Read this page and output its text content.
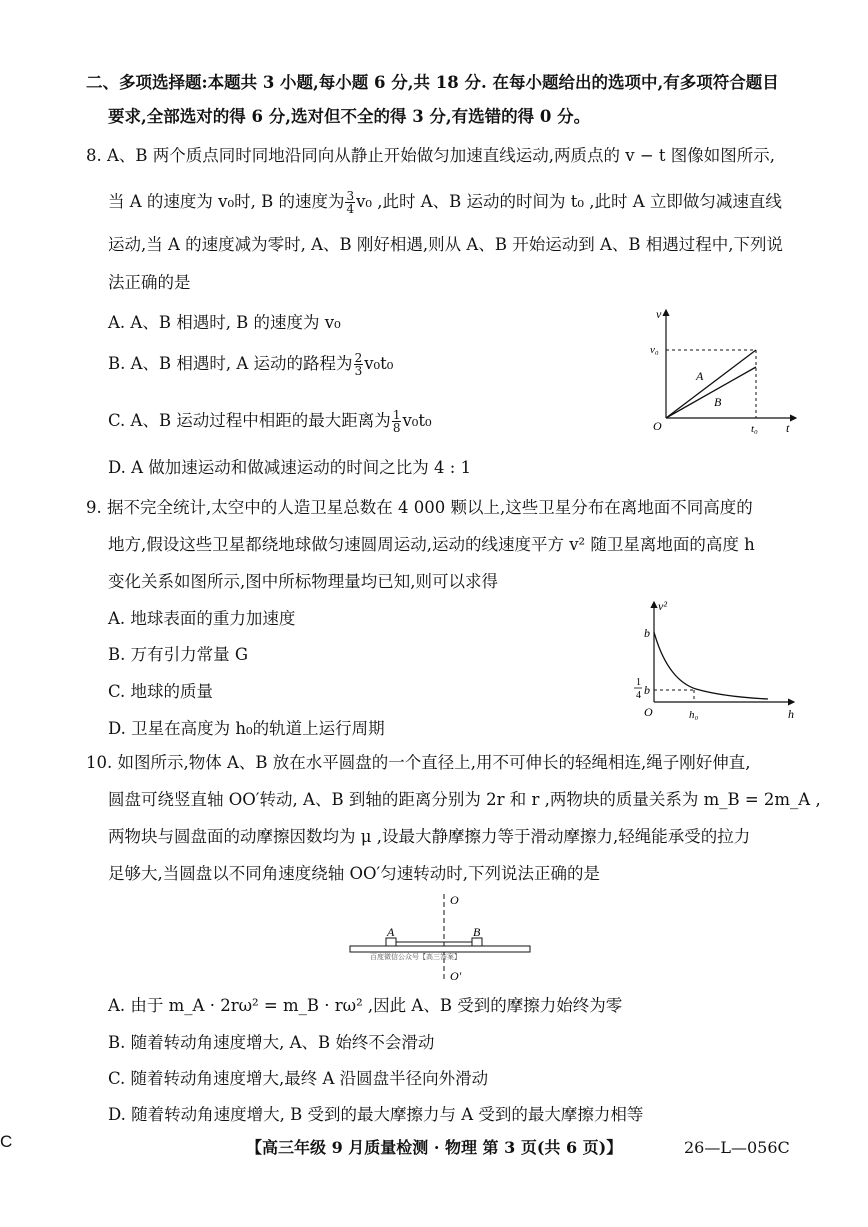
二、多项选择题:本题共 3 小题,每小题 6 分,共 18 分. 在每小题给出的选项中,有多项符合题目
要求,全部选对的得 6 分,选对但不全的得 3 分,有选错的得 0 分。
8. A、B 两个质点同时同地沿同向从静止开始做匀加速直线运动,两质点的 v − t 图像如图所示,
当 A 的速度为 v₀时, B 的速度为 $\frac{3}{4} v_0$ ,此时 A、B 运动的时间为 t₀ ,此时 A 立即做匀减速直线
运动,当 A 的速度减为零时, A、B 刚好相遇,则从 A、B 开始运动到 A、B 相遇过程中,下列说
法正确的是
A. A、B 相遇时, B 的速度为 v₀
B. A、B 相遇时, A 运动的路程为 $\frac{2}{3} v_0t_0$
C. A、B 运动过程中相距的最大距离为 $\frac{1}{8} v_0t_0$
D. A 做加速运动和做减速运动的时间之比为 4 : 1
v
t
O
v₀
t₀
A
B
9. 据不完全统计,太空中的人造卫星总数在 4 000 颗以上,这些卫星分布在离地面不同高度的
地方,假设这些卫星都绕地球做匀速圆周运动,运动的线速度平方 v² 随卫星离地面的高度 h
变化关系如图所示,图中所标物理量均已知,则可以求得
A. 地球表面的重力加速度
B. 万有引力常量 G
C. 地球的质量
D. 卫星在高度为 h₀的轨道上运行周期
v²
h
O
b
1
4 b
h₀
10. 如图所示,物体 A、B 放在水平圆盘的一个直径上,用不可伸长的轻绳相连,绳子刚好伸直,
圆盘可绕竖直轴 OO′转动, A、B 到轴的距离分别为 2r 和 r ,两物块的质量关系为 m_B = 2m_A ,
两物块与圆盘面的动摩擦因数均为 μ ,设最大静摩擦力等于滑动摩擦力,轻绳能承受的拉力
足够大,当圆盘以不同角速度绕轴 OO′匀速转动时,下列说法正确的是
O
O′
A	B
百度微信公众号【高三答案】
A. 由于 m_A · 2rω² = m_B · rω² ,因此 A、B 受到的摩擦力始终为零
B. 随着转动角速度增大, A、B 始终不会滑动
C. 随着转动角速度增大,最终 A 沿圆盘半径向外滑动
D. 随着转动角速度增大, B 受到的最大摩擦力与 A 受到的最大摩擦力相等
C	【高三年级 9 月质量检测 · 物理 第 3 页(共 6 页)】	26—L—056C
